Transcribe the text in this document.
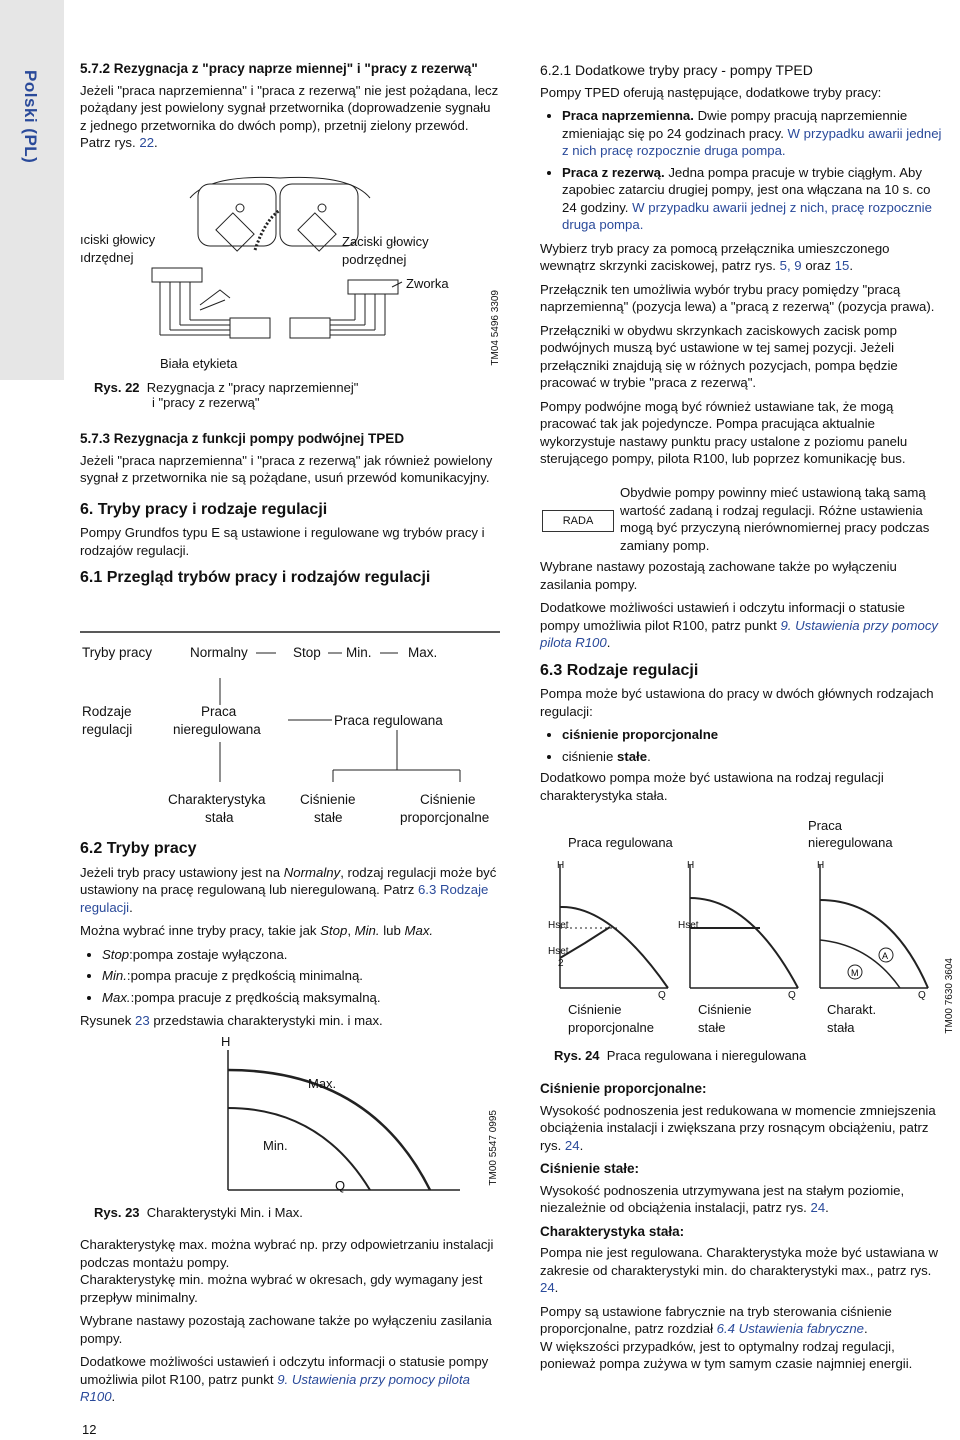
Polski (PL)
5.7.2 Rezygnacja z "pracy naprze miennej" i "pracy z rezerwą"

Jeżeli "praca naprzemienna" i "praca z rezerwą" nie jest pożądana, lecz pożądany jest powielony sygnał przetwornika (doprowadzenie sygnału z jednego przetwornika do dwóch pomp), przetnij zielony przewód. Patrz rys. 22.

ıciski głowicy
ıdrzędnej
Zaciski głowicy
podrzędnej
Zworka
Biała etykieta
Rys. 22 Rezygnacja z "pracy naprzemiennej"
i "pracy z rezerwą"
TM04 5496 3309
5.7.3 Rezygnacja z funkcji pompy podwójnej TPED

Jeżeli "praca naprzemienna" i "praca z rezerwą" jak również powielony sygnał z przetwornika nie są pożądane, usuń przewód komunikacyjny.

6. Tryby pracy i rodzaje regulacji

Pompy Grundfos typu E są ustawione i regulowane wg trybów pracy i rodzajów regulacji.

6.1 Przegląd trybów pracy i rodzajów regulacji
Tryby pracy	Normalny	Stop Min.	Max.
Rodzaje
regulacji
Praca
nieregulowana
Praca regulowana
Charakterystyka
stała
Ciśnienie
stałe
Ciśnienie
proporcjonalne
6.2 Tryby pracy

Jeżeli tryb pracy ustawiony jest na Normalny, rodzaj regulacji może być ustawiony na pracę regulowaną lub nieregulowaną. Patrz 6.3 Rodzaje regulacji.

Można wybrać inne tryby pracy, takie jak Stop, Min. lub Max.

• Stop:pompa zostaje wyłączona.
• Min.:pompa pracuje z prędkością minimalną.
• Max.:pompa pracuje z prędkością maksymalną.

Rysunek 23 przedstawia charakterystyki min. i max.

H
Q
Max.
Min.
Rys. 23 Charakterystyki Min. i Max.
TM00 5547 0995

Charakterystykę max. można wybrać np. przy odpowietrzaniu instalacji podczas montażu pompy.
Charakterystykę min. można wybrać w okresach, gdy wymagany jest przepływ minimalny.

Wybrane nastawy pozostają zachowane także po wyłączeniu zasilania pompy.

Dodatkowe możliwości ustawień i odczytu informacji o statusie pompy umożliwia pilot R100, patrz punkt 9. Ustawienia przy pomocy pilota R100.

12
6.2.1 Dodatkowe tryby pracy - pompy TPED

Pompy TPED oferują następujące, dodatkowe tryby pracy:

• Praca naprzemienna. Dwie pompy pracują naprzemiennie zmieniając się po 24 godzinach pracy. W przypadku awarii jednej z nich pracę rozpocznie druga pompa.
• Praca z rezerwą. Jedna pompa pracuje w trybie ciągłym. Aby zapobiec zatarciu drugiej pompy, jest ona włączana na 10 s. co 24 godziny. W przypadku awarii jednej z nich, pracę rozpocznie druga pompa.

Wybierz tryb pracy za pomocą przełącznika umieszczonego wewnątrz skrzynki zaciskowej, patrz rys. 5, 9 oraz 15.

Przełącznik ten umożliwia wybór trybu pracy pomiędzy "pracą naprzemienną" (pozycja lewa) a "pracą z rezerwą" (pozycja prawa).

Przełączniki w obydwu skrzynkach zaciskowych zacisk pomp podwójnych muszą być ustawione w tej samej pozycji. Jeżeli przełączniki znajdują się w różnych pozycjach, pompa będzie pracować w trybie "praca z rezerwą".

Pompy podwójne mogą być również ustawiane tak, że mogą pracować tak jak pojedyncze. Pompa pracująca aktualnie wykorzystuje nastawy punktu pracy ustalone z poziomu panelu sterującego pompy, pilota R100, lub poprzez komunikację bus.

RADA
Obydwie pompy powinny mieć ustawioną taką samą wartość zadaną i rodzaj regulacji. Różne ustawienia mogą być przyczyną nierównomiernej pracy podczas zamiany pomp.

Wybrane nastawy pozostają zachowane także po wyłączeniu zasilania pompy.

Dodatkowe możliwości ustawień i odczytu informacji o statusie pompy umożliwia pilot R100, patrz punkt 9. Ustawienia przy pomocy pilota R100.

6.3 Rodzaje regulacji

Pompa może być ustawiona do pracy w dwóch głównych rodzajach regulacji:

• ciśnienie proporcjonalne
• ciśnienie stałe.

Dodatkowo pompa może być ustawiona na rodzaj regulacji charakterystyka stała.

A
M
Praca regulowana
Praca
nieregulowana
H	H	H
Hset
Hset
2
Hset
Q	Q	Q
Ciśnienie
proporcjonalne
Ciśnienie
stałe
Charakt.
stała
Rys. 24 Praca regulowana i nieregulowana
TM00 7630 3604
Ciśnienie proporcjonalne:

Wysokość podnoszenia jest redukowana w momencie zmniejszenia obciążenia instalacji i zwiększana przy rosnącym obciążeniu, patrz rys. 24.

Ciśnienie stałe:

Wysokość podnoszenia utrzymywana jest na stałym poziomie, niezależnie od obciążenia instalacji, patrz rys. 24.

Charakterystyka stała:

Pompa nie jest regulowana. Charakterystyka może być ustawiana w zakresie od charakterystyki min. do charakterystyki max., patrz rys. 24.

Pompy są ustawione fabrycznie na tryb sterowania ciśnienie proporcjonalne, patrz rozdział 6.4 Ustawienia fabryczne.

W większości przypadków, jest to optymalny rodzaj regulacji, ponieważ pompa zużywa w tym samym czasie najmniej energii.
